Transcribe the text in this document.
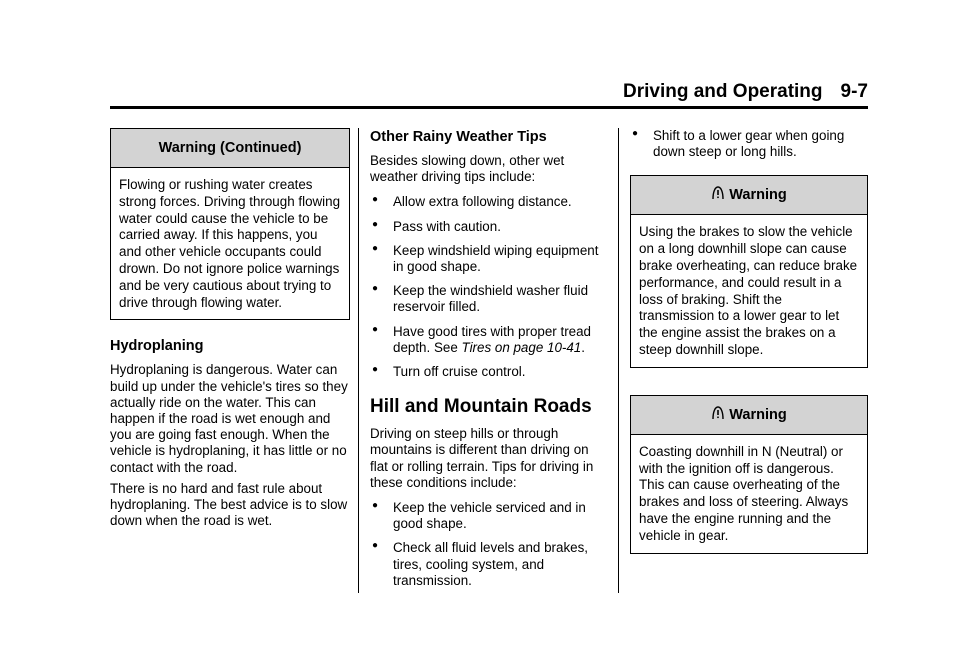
Driving and Operating 9-7
Warning (Continued)
Flowing or rushing water creates strong forces. Driving through flowing water could cause the vehicle to be carried away. If this happens, you and other vehicle occupants could drown. Do not ignore police warnings and be very cautious about trying to drive through flowing water.
Hydroplaning

Hydroplaning is dangerous. Water can build up under the vehicle's tires so they actually ride on the water. This can happen if the road is wet enough and you are going fast enough. When the vehicle is hydroplaning, it has little or no contact with the road.

There is no hard and fast rule about hydroplaning. The best advice is to slow down when the road is wet.

Other Rainy Weather Tips

Besides slowing down, other wet weather driving tips include:

● Allow extra following distance.
● Pass with caution.
● Keep windshield wiping equipment in good shape.
● Keep the windshield washer fluid reservoir filled.
● Have good tires with proper tread depth. See Tires on page 10-41.
● Turn off cruise control.
Hill and Mountain Roads

Driving on steep hills or through mountains is different than driving on flat or rolling terrain. Tips for driving in these conditions include:

● Keep the vehicle serviced and in good shape.
● Check all fluid levels and brakes, tires, cooling system, and transmission.
● Shift to a lower gear when going down steep or long hills.
Warning
Using the brakes to slow the vehicle on a long downhill slope can cause brake overheating, can reduce brake performance, and could result in a loss of braking. Shift the transmission to a lower gear to let the engine assist the brakes on a steep downhill slope.
Warning
Coasting downhill in N (Neutral) or with the ignition off is dangerous. This can cause overheating of the brakes and loss of steering. Always have the engine running and the vehicle in gear.
